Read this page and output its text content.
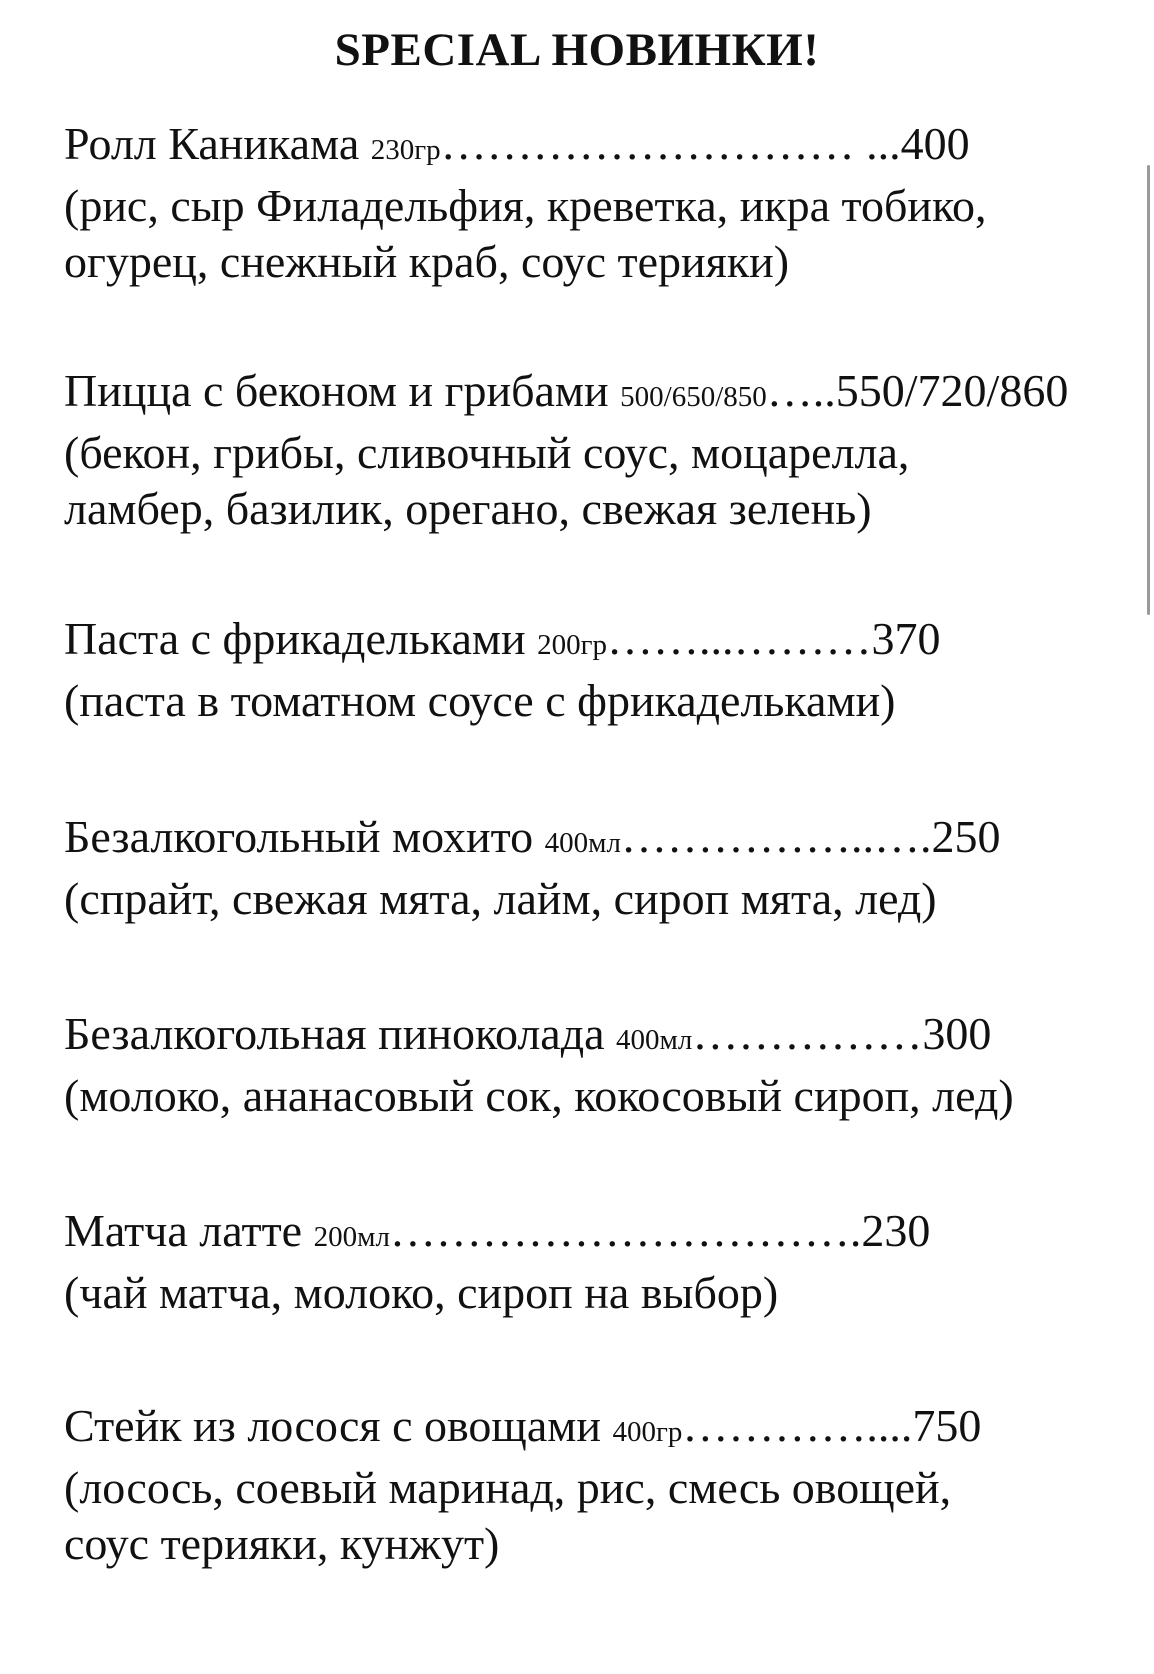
SPECIAL НОВИНКИ!
Ролл Каникама 230гр……………………… ...400
(рис, сыр Филадельфия, креветка, икра тобико,
огурец, снежный краб, соус терияки)
Пицца с беконом и грибами 500/650/850…..550/720/860
(бекон, грибы, сливочный соус, моцарелла,
ламбер, базилик, орегано, свежая зелень)
Паста с фрикадельками 200гр……...………370
(паста в томатном соусе с фрикадельками)
Безалкогольный мохито 400мл……………..….250
(спрайт, свежая мята, лайм, сироп мята, лед)
Безалкогольная пиноколада 400мл……………300
(молоко, ананасовый сок, кокосовый сироп, лед)
Матча латте 200мл………………………….230
(чай матча, молоко, сироп на выбор)
Стейк из лосося с овощами 400гр…………....750
(лосось, соевый маринад, рис, смесь овощей,
соус терияки, кунжут)
